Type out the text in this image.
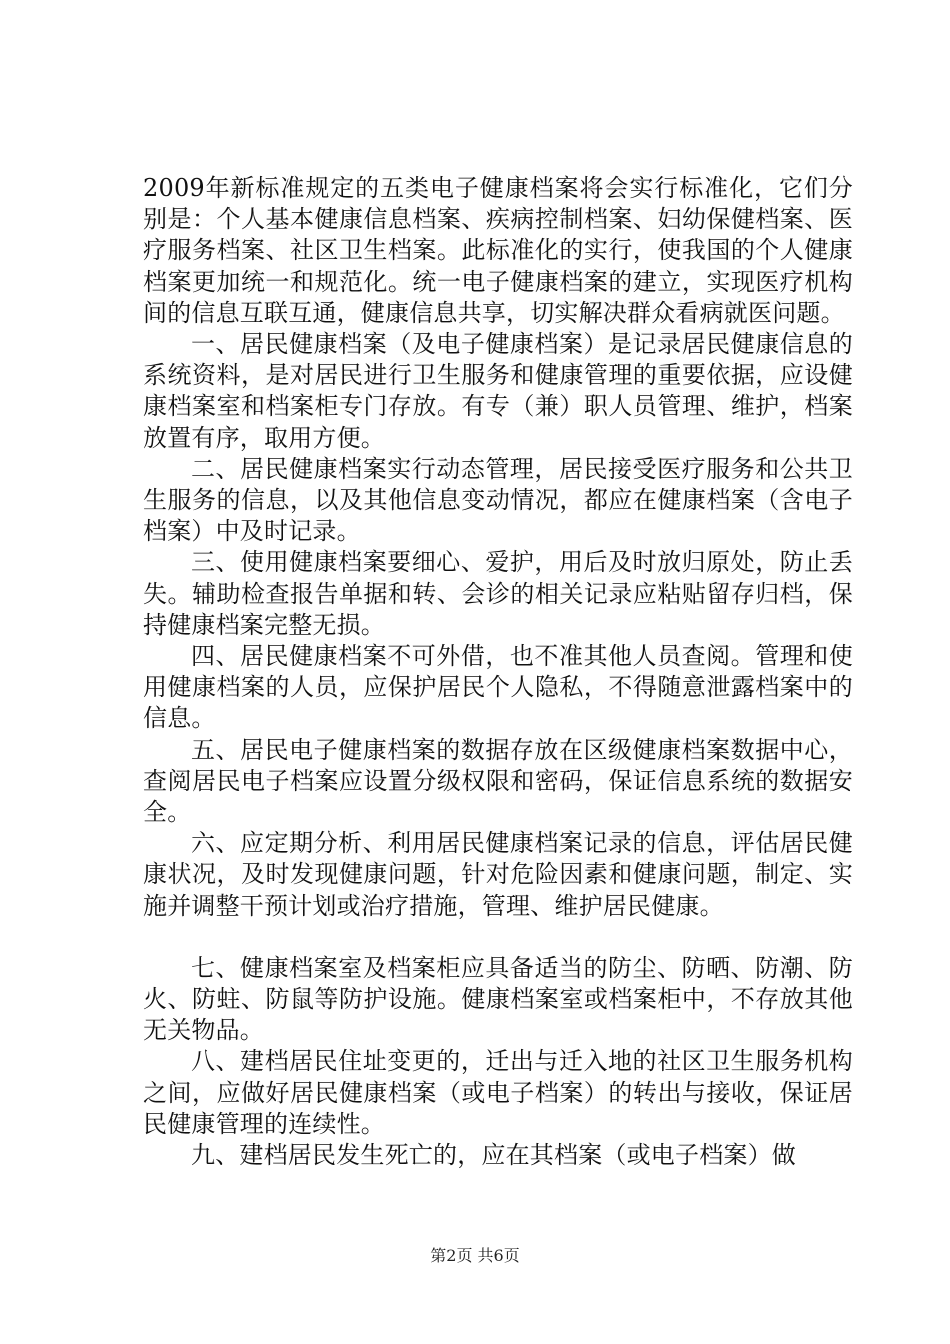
2009年新标准规定的五类电子健康档案将会实行标准化，它们分别是：个人基本健康信息档案、疾病控制档案、妇幼保健档案、医疗服务档案、社区卫生档案。此标准化的实行，使我国的个人健康档案更加统一和规范化。统一电子健康档案的建立，实现医疗机构间的信息互联互通，健康信息共享，切实解决群众看病就医问题。

一、居民健康档案（及电子健康档案）是记录居民健康信息的系统资料，是对居民进行卫生服务和健康管理的重要依据，应设健康档案室和档案柜专门存放。有专（兼）职人员管理、维护，档案放置有序，取用方便。

二、居民健康档案实行动态管理，居民接受医疗服务和公共卫生服务的信息，以及其他信息变动情况，都应在健康档案（含电子档案）中及时记录。

三、使用健康档案要细心、爱护，用后及时放归原处，防止丢失。辅助检查报告单据和转、会诊的相关记录应粘贴留存归档，保持健康档案完整无损。

四、居民健康档案不可外借，也不准其他人员查阅。管理和使用健康档案的人员，应保护居民个人隐私，不得随意泄露档案中的信息。

五、居民电子健康档案的数据存放在区级健康档案数据中心，查阅居民电子档案应设置分级权限和密码，保证信息系统的数据安全。

六、应定期分析、利用居民健康档案记录的信息，评估居民健康状况，及时发现健康问题，针对危险因素和健康问题，制定、实施并调整干预计划或治疗措施，管理、维护居民健康。

七、健康档案室及档案柜应具备适当的防尘、防晒、防潮、防火、防蛀、防鼠等防护设施。健康档案室或档案柜中，不存放其他无关物品。

八、建档居民住址变更的，迁出与迁入地的社区卫生服务机构之间，应做好居民健康档案（或电子档案）的转出与接收，保证居民健康管理的连续性。

九、建档居民发生死亡的，应在其档案（或电子档案）做

第2页 共6页
